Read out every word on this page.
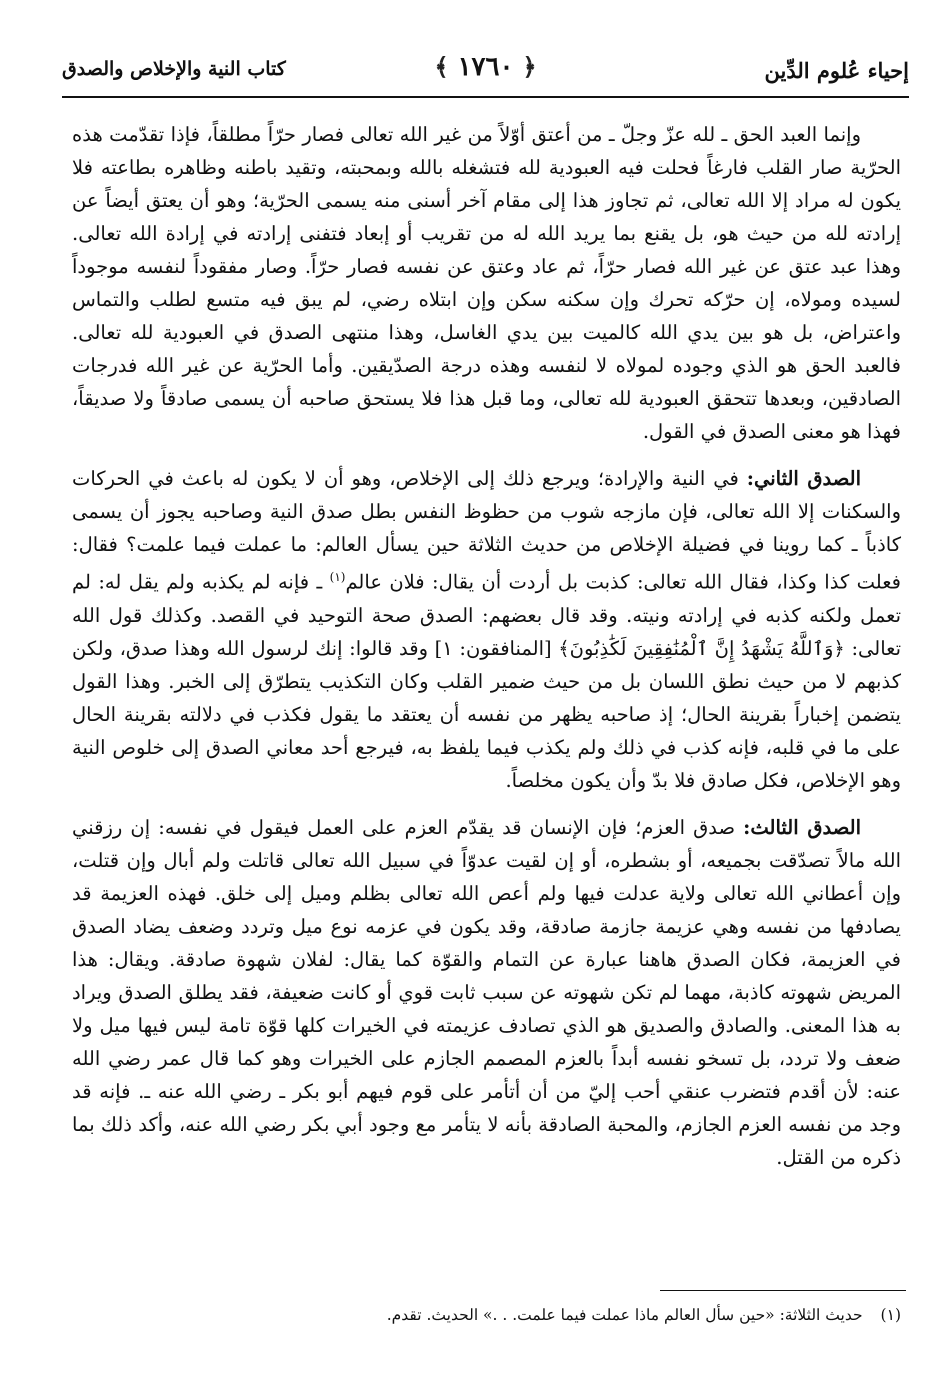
إحياء عُلوم الدِّين
﴿ ١٧٦٠ ﴾
كتاب النية والإخلاص والصدق

وإنما العبد الحق ـ لله عزّ وجلّ ـ من أعتق أوّلاً من غير الله تعالى فصار حرّاً مطلقاً، فإذا تقدّمت هذه الحرّية صار القلب فارغاً فحلت فيه العبودية لله فتشغله بالله وبمحبته، وتقيد باطنه وظاهره بطاعته فلا يكون له مراد إلا الله تعالى، ثم تجاوز هذا إلى مقام آخر أسنى منه يسمى الحرّية؛ وهو أن يعتق أيضاً عن إرادته لله من حيث هو، بل يقنع بما يريد الله له من تقريب أو إبعاد فتفنى إرادته في إرادة الله تعالى. وهذا عبد عتق عن غير الله فصار حرّاً، ثم عاد وعتق عن نفسه فصار حرّاً. وصار مفقوداً لنفسه موجوداً لسيده ومولاه، إن حرّكه تحرك وإن سكنه سكن وإن ابتلاه رضي، لم يبق فيه متسع لطلب والتماس واعتراض، بل هو بين يدي الله كالميت بين يدي الغاسل، وهذا منتهى الصدق في العبودية لله تعالى. فالعبد الحق هو الذي وجوده لمولاه لا لنفسه وهذه درجة الصدّيقين. وأما الحرّية عن غير الله فدرجات الصادقين، وبعدها تتحقق العبودية لله تعالى، وما قبل هذا فلا يستحق صاحبه أن يسمى صادقاً ولا صديقاً، فهذا هو معنى الصدق في القول.

الصدق الثاني: في النية والإرادة؛ ويرجع ذلك إلى الإخلاص، وهو أن لا يكون له باعث في الحركات والسكنات إلا الله تعالى، فإن مازجه شوب من حظوظ النفس بطل صدق النية وصاحبه يجوز أن يسمى كاذباً ـ كما روينا في فضيلة الإخلاص من حديث الثلاثة حين يسأل العالم: ما عملت فيما علمت؟ فقال: فعلت كذا وكذا، فقال الله تعالى: كذبت بل أردت أن يقال: فلان عالم$^{(١)}$ ـ فإنه لم يكذبه ولم يقل له: لم تعمل ولكنه كذبه في إرادته ونيته. وقد قال بعضهم: الصدق صحة التوحيد في القصد. وكذلك قول الله تعالى: ﴿وَٱللَّهُ يَشْهَدُ إِنَّ ٱلْمُنَٰفِقِينَ لَكَٰذِبُونَ﴾ [المنافقون: ١] وقد قالوا: إنك لرسول الله وهذا صدق، ولكن كذبهم لا من حيث نطق اللسان بل من حيث ضمير القلب وكان التكذيب يتطرّق إلى الخبر. وهذا القول يتضمن إخباراً بقرينة الحال؛ إذ صاحبه يظهر من نفسه أن يعتقد ما يقول فكذب في دلالته بقرينة الحال على ما في قلبه، فإنه كذب في ذلك ولم يكذب فيما يلفظ به، فيرجع أحد معاني الصدق إلى خلوص النية وهو الإخلاص، فكل صادق فلا بدّ وأن يكون مخلصاً.

الصدق الثالث: صدق العزم؛ فإن الإنسان قد يقدّم العزم على العمل فيقول في نفسه: إن رزقني الله مالاً تصدّقت بجميعه، أو بشطره، أو إن لقيت عدوّاً في سبيل الله تعالى قاتلت ولم أبال وإن قتلت، وإن أعطاني الله تعالى ولاية عدلت فيها ولم أعص الله تعالى بظلم وميل إلى خلق. فهذه العزيمة قد يصادفها من نفسه وهي عزيمة جازمة صادقة، وقد يكون في عزمه نوع ميل وتردد وضعف يضاد الصدق في العزيمة، فكان الصدق هاهنا عبارة عن التمام والقوّة كما يقال: لفلان شهوة صادقة. ويقال: هذا المريض شهوته كاذبة، مهما لم تكن شهوته عن سبب ثابت قوي أو كانت ضعيفة، فقد يطلق الصدق ويراد به هذا المعنى. والصادق والصديق هو الذي تصادف عزيمته في الخيرات كلها قوّة تامة ليس فيها ميل ولا ضعف ولا تردد، بل تسخو نفسه أبداً بالعزم المصمم الجازم على الخيرات وهو كما قال عمر رضي الله عنه: لأن أقدم فتضرب عنقي أحب إليّ من أن أتأمر على قوم فيهم أبو بكر ـ رضي الله عنه ـ. فإنه قد وجد من نفسه العزم الجازم، والمحبة الصادقة بأنه لا يتأمر مع وجود أبي بكر رضي الله عنه، وأكد ذلك بما ذكره من القتل.

(١)حديث الثلاثة: «حين سأل العالم ماذا عملت فيما علمت. . .» الحديث. تقدم.
